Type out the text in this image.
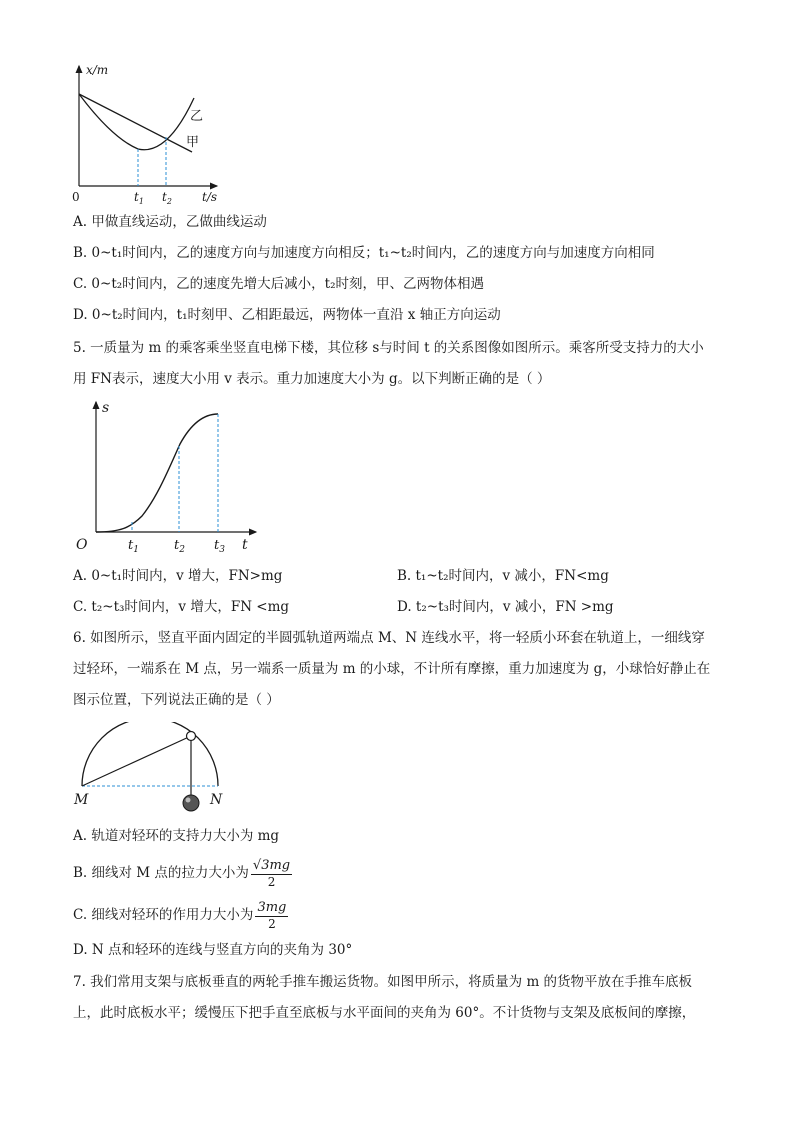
x/m
t/s
0
乙
甲
$t_1$ $t_2$
A. 甲做直线运动，乙做曲线运动
B. 0~t₁时间内，乙的速度方向与加速度方向相反；t₁~t₂时间内，乙的速度方向与加速度方向相同
C. 0~t₂时间内，乙的速度先增大后减小，t₂时刻，甲、乙两物体相遇
D. 0~t₂时间内，t₁时刻甲、乙相距最远，两物体一直沿 x 轴正方向运动
5. 一质量为 m 的乘客乘坐竖直电梯下楼，其位移 s与时间 t 的关系图像如图所示。乘客所受支持力的大小
用 FN表示，速度大小用 v 表示。重力加速度大小为 g。以下判断正确的是（ ）
s
t
O	$t_1$	$t_2$ $t_3$
A. 0~t₁时间内，v 增大，FN>mg	B. t₁~t₂时间内，v 减小，FN<mg
C. t₂~t₃时间内，v 增大，FN <mg	D. t₂~t₃时间内，v 减小，FN >mg
6. 如图所示，竖直平面内固定的半圆弧轨道两端点 M、N 连线水平，将一轻质小环套在轨道上，一细线穿
过轻环，一端系在 M 点，另一端系一质量为 m 的小球，不计所有摩擦，重力加速度为 g，小球恰好静止在
图示位置，下列说法正确的是（ ）
M	N
A. 轨道对轻环的支持力大小为 mg
B. 细线对 M 点的拉力大小为 $\frac{√3mg}{2}$
C. 细线对轻环的作用力大小为 $\frac{3mg}{2}$
D. N 点和轻环的连线与竖直方向的夹角为 30°
7. 我们常用支架与底板垂直的两轮手推车搬运货物。如图甲所示，将质量为 m 的货物平放在手推车底板
上，此时底板水平；缓慢压下把手直至底板与水平面间的夹角为 60°。不计货物与支架及底板间的摩擦，
